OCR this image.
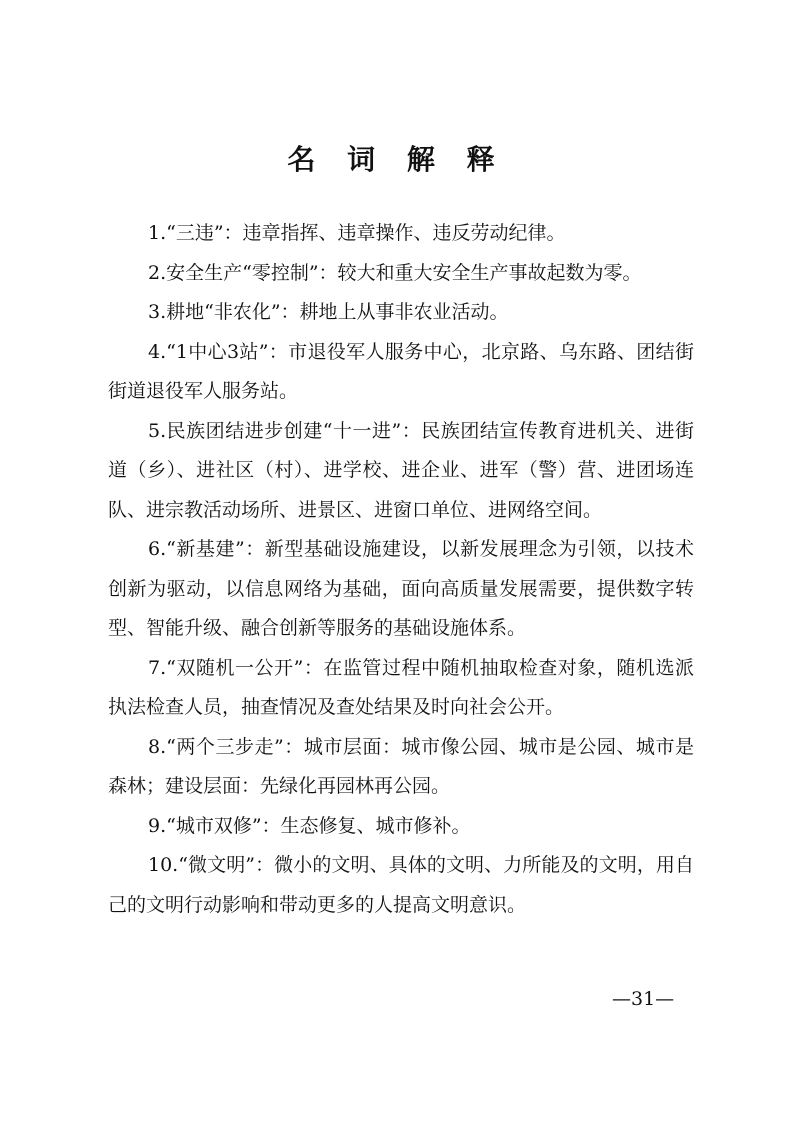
名 词 解 释

1.“三违”：违章指挥、违章操作、违反劳动纪律。

2.安全生产“零控制”：较大和重大安全生产事故起数为零。

3.耕地“非农化”：耕地上从事非农业活动。

4.“1中心3站”：市退役军人服务中心，北京路、乌东路、团结街街道退役军人服务站。

5.民族团结进步创建“十一进”：民族团结宣传教育进机关、进街道（乡）、进社区（村）、进学校、进企业、进军（警）营、进团场连队、进宗教活动场所、进景区、进窗口单位、进网络空间。

6.“新基建”：新型基础设施建设，以新发展理念为引领，以技术创新为驱动，以信息网络为基础，面向高质量发展需要，提供数字转型、智能升级、融合创新等服务的基础设施体系。

7.“双随机一公开”：在监管过程中随机抽取检查对象，随机选派执法检查人员，抽查情况及查处结果及时向社会公开。

8.“两个三步走”：城市层面：城市像公园、城市是公园、城市是森林；建设层面：先绿化再园林再公园。

9.“城市双修”：生态修复、城市修补。

10.“微文明”：微小的文明、具体的文明、力所能及的文明，用自己的文明行动影响和带动更多的人提高文明意识。

—31—
